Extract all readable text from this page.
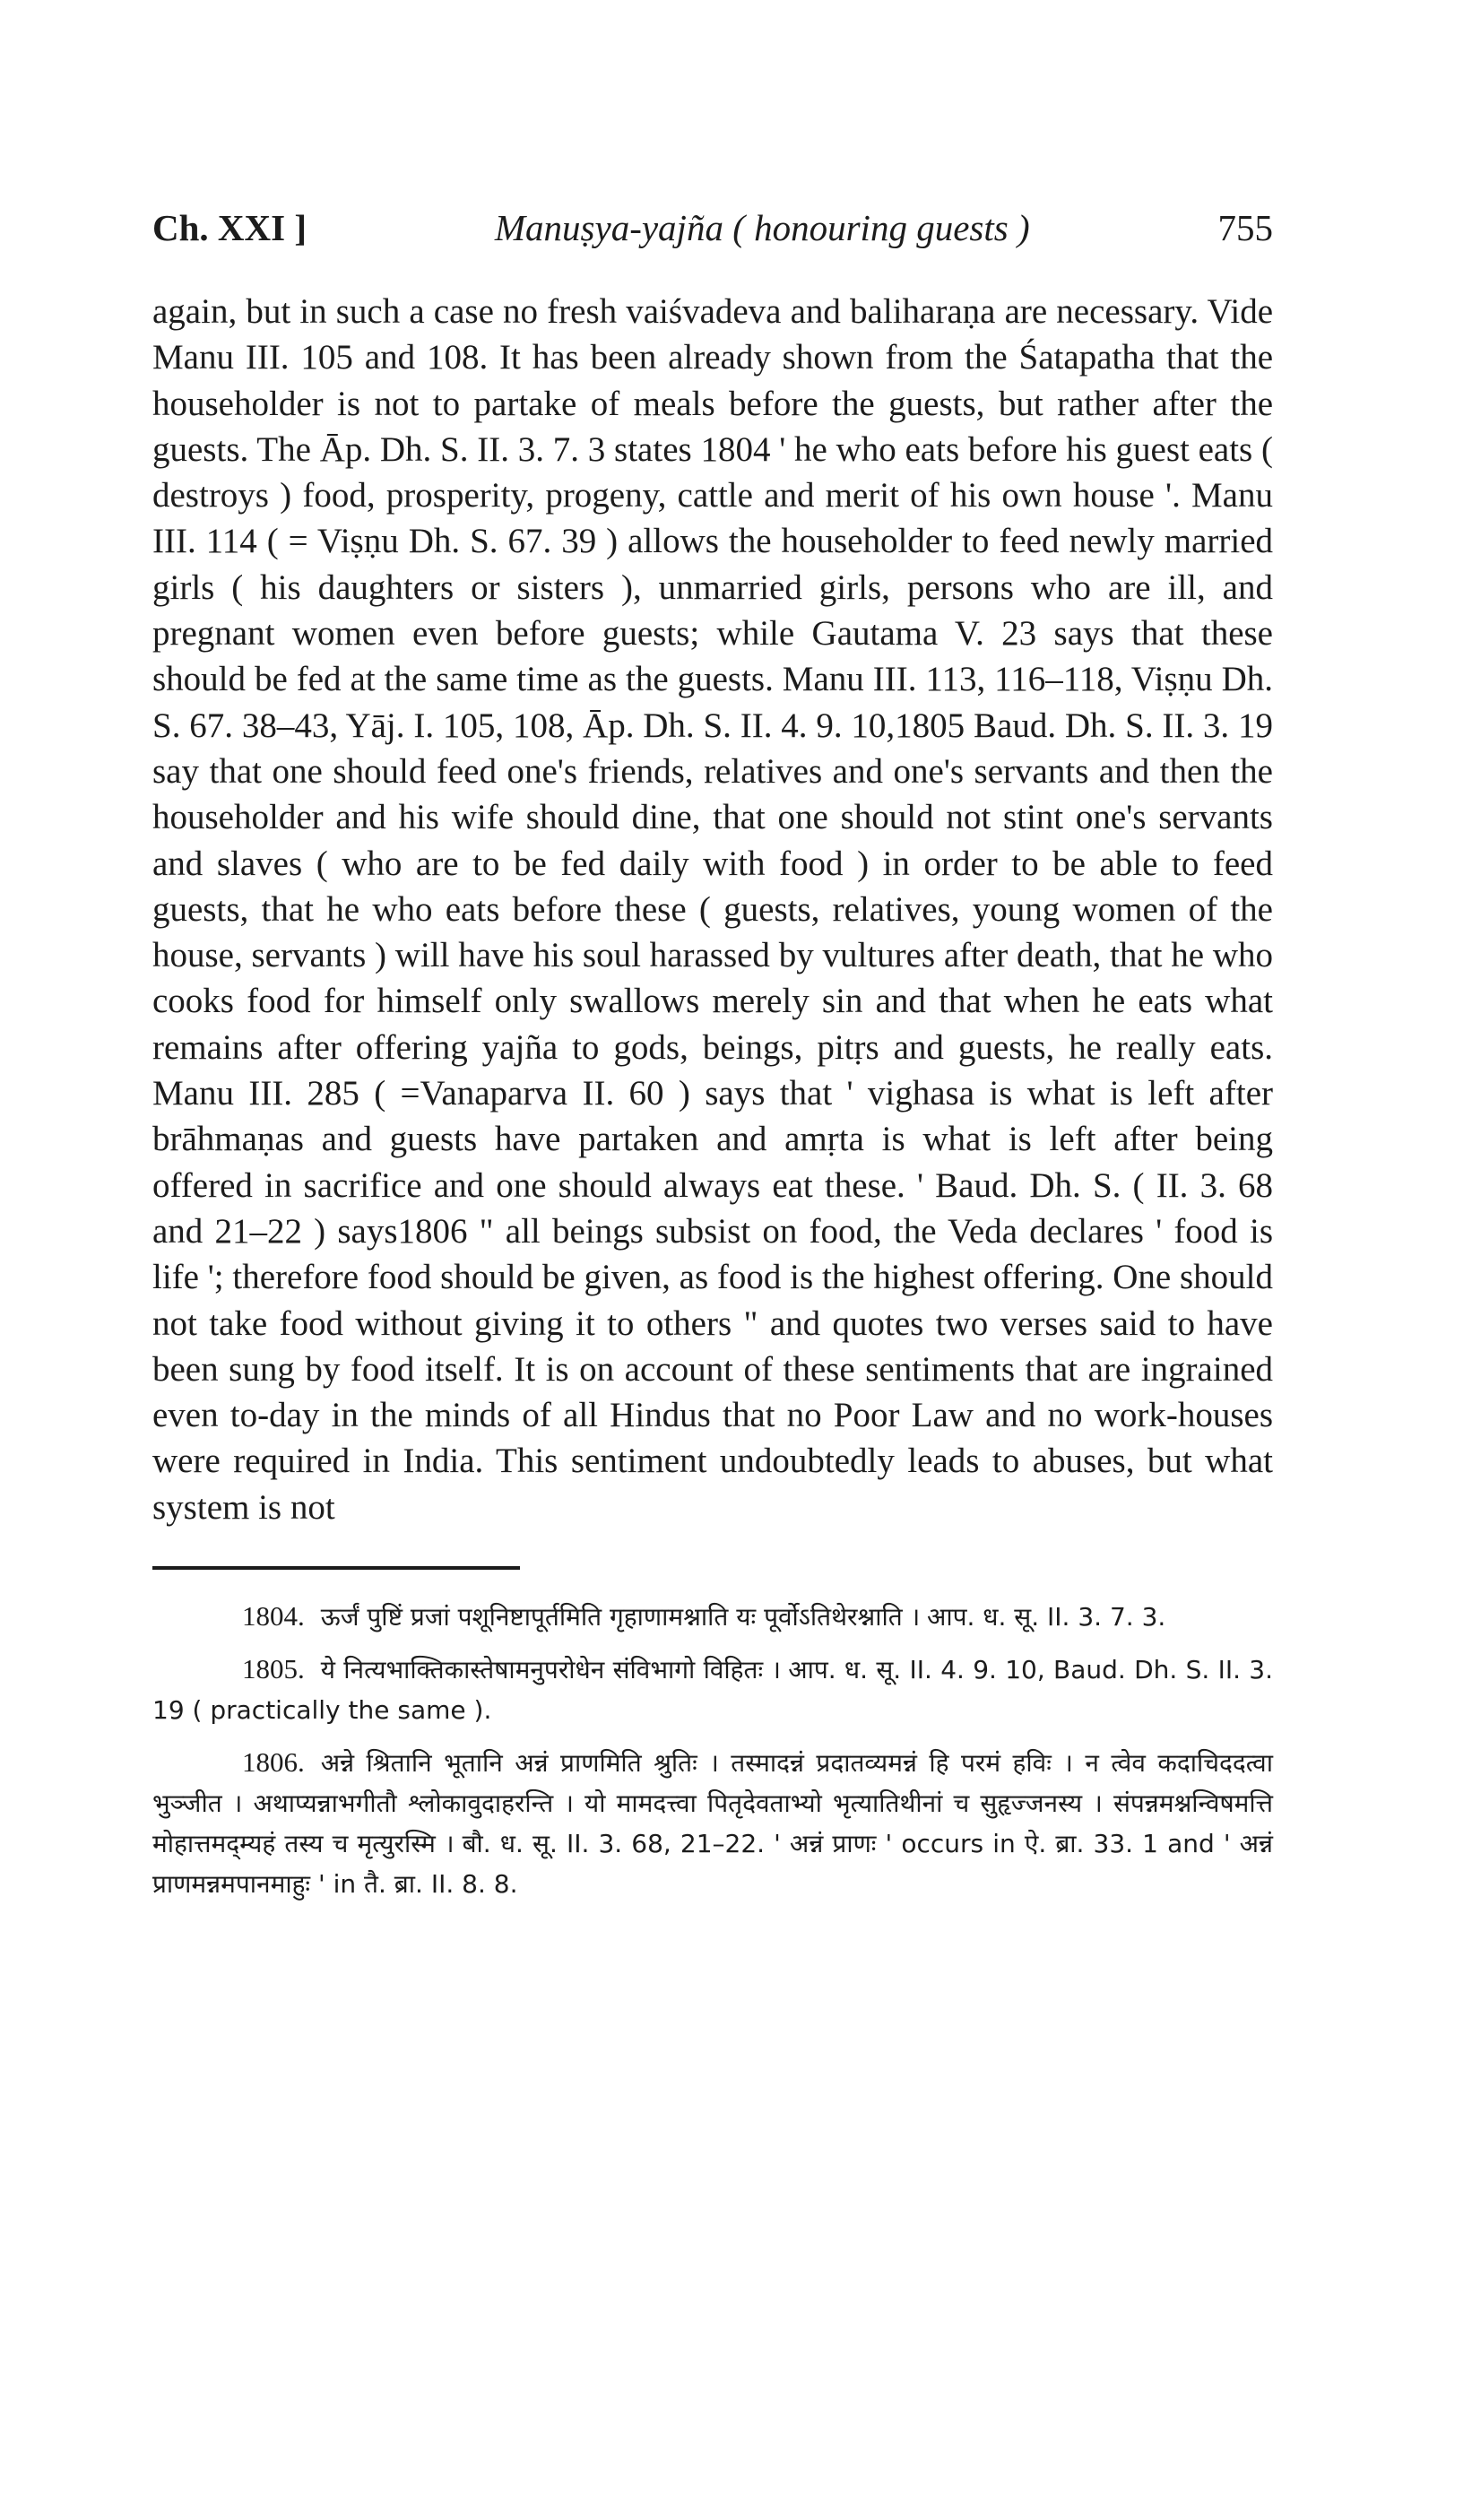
Ch. XXI ]	Manuṣya-yajña ( honouring guests )	755
again, but in such a case no fresh vaiśvadeva and baliharaṇa are necessary. Vide Manu III. 105 and 108. It has been already shown from the Śatapatha that the householder is not to partake of meals before the guests, but rather after the guests. The Āp. Dh. S. II. 3. 7. 3 states 1804 ' he who eats before his guest eats ( destroys ) food, prosperity, progeny, cattle and merit of his own house '. Manu III. 114 ( = Viṣṇu Dh. S. 67. 39 ) allows the householder to feed newly married girls ( his daughters or sisters ), unmarried girls, persons who are ill, and pregnant women even before guests; while Gautama V. 23 says that these should be fed at the same time as the guests. Manu III. 113, 116–118, Viṣṇu Dh. S. 67. 38–43, Yāj. I. 105, 108, Āp. Dh. S. II. 4. 9. 10,1805 Baud. Dh. S. II. 3. 19 say that one should feed one's friends, relatives and one's servants and then the householder and his wife should dine, that one should not stint one's servants and slaves ( who are to be fed daily with food ) in order to be able to feed guests, that he who eats before these ( guests, relatives, young women of the house, servants ) will have his soul harassed by vultures after death, that he who cooks food for himself only swallows merely sin and that when he eats what remains after offering yajña to gods, beings, pitṛs and guests, he really eats. Manu III. 285 ( =Vanaparva II. 60 ) says that ' vighasa is what is left after brāhmaṇas and guests have partaken and amṛta is what is left after being offered in sacrifice and one should always eat these. ' Baud. Dh. S. ( II. 3. 68 and 21–22 ) says1806 " all beings subsist on food, the Veda declares ' food is life '; therefore food should be given, as food is the highest offering. One should not take food without giving it to others " and quotes two verses said to have been sung by food itself. It is on account of these sentiments that are ingrained even to-day in the minds of all Hindus that no Poor Law and no work-houses were required in India. This sentiment undoubtedly leads to abuses, but what system is not
1804. ऊर्जं पुष्टिं प्रजां पशूनिष्टापूर्तमिति गृहाणामश्नाति यः पूर्वोऽतिथेरश्नाति । आप. ध. सू. II. 3. 7. 3.
1805. ये नित्यभाक्तिकास्तेषामनुपरोधेन संविभागो विहितः । आप. ध. सू. II. 4. 9. 10, Baud. Dh. S. II. 3. 19 ( practically the same ).
1806. अन्ने श्रितानि भूतानि अन्नं प्राणमिति श्रुतिः । तस्मादन्नं प्रदातव्यमन्नं हि परमं हविः । न त्वेव कदाचिददत्वा भुञ्जीत । अथाप्यन्नाभगीतौ श्लोकावुदाहरन्ति । यो मामदत्त्वा पितृदेवताभ्यो भृत्यातिथीनां च सुहृज्जनस्य । संपन्नमश्नन्विषमत्ति मोहात्तमद्म्यहं तस्य च मृत्युरस्मि । बौ. ध. सू. II. 3. 68, 21–22. ' अन्नं प्राणः ' occurs in ऐ. ब्रा. 33. 1 and ' अन्नं प्राणमन्नमपानमाहुः ' in तै. ब्रा. II. 8. 8.
